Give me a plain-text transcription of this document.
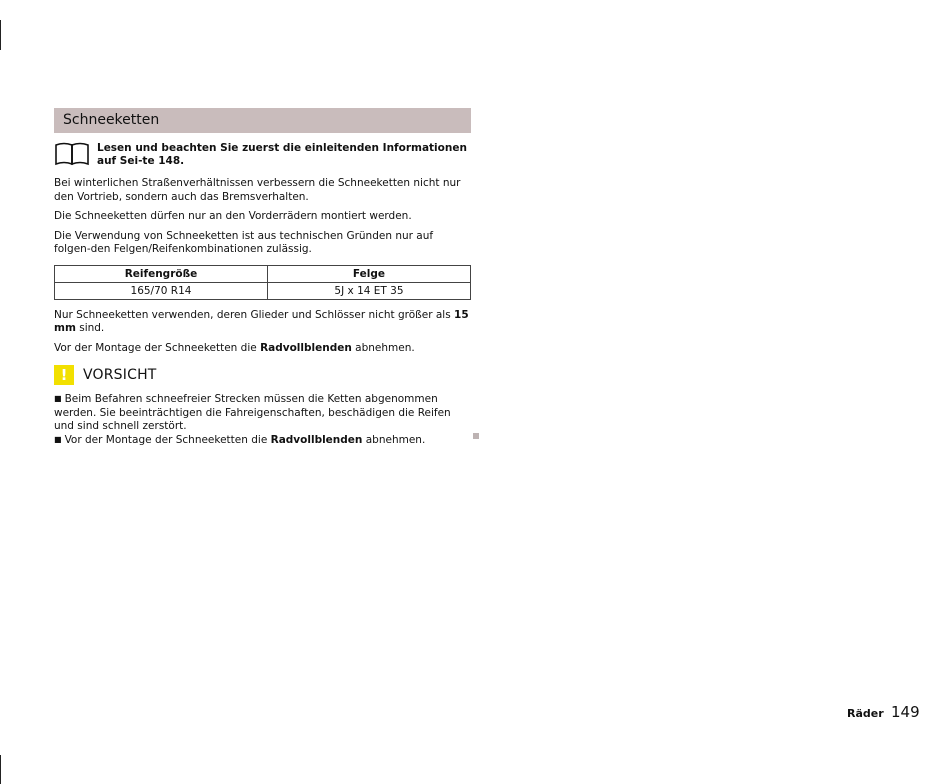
Schneeketten
Lesen und beachten Sie zuerst die einleitenden Informationen auf Sei-te 148.

Bei winterlichen Straßenverhältnissen verbessern die Schneeketten nicht nur den Vortrieb, sondern auch das Bremsverhalten.

Die Schneeketten dürfen nur an den Vorderrädern montiert werden.

Die Verwendung von Schneeketten ist aus technischen Gründen nur auf folgen-den Felgen/Reifenkombinationen zulässig.

Reifengröße	Felge
165/70 R14	5J x 14 ET 35

Nur Schneeketten verwenden, deren Glieder und Schlösser nicht größer als 15 mm sind.

Vor der Montage der Schneeketten die Radvollblenden abnehmen.

! VORSICHT

■ Beim Befahren schneefreier Strecken müssen die Ketten abgenommen werden. Sie beeinträchtigen die Fahreigenschaften, beschädigen die Reifen und sind schnell zerstört.

■ Vor der Montage der Schneeketten die Radvollblenden abnehmen.

Räder 149
